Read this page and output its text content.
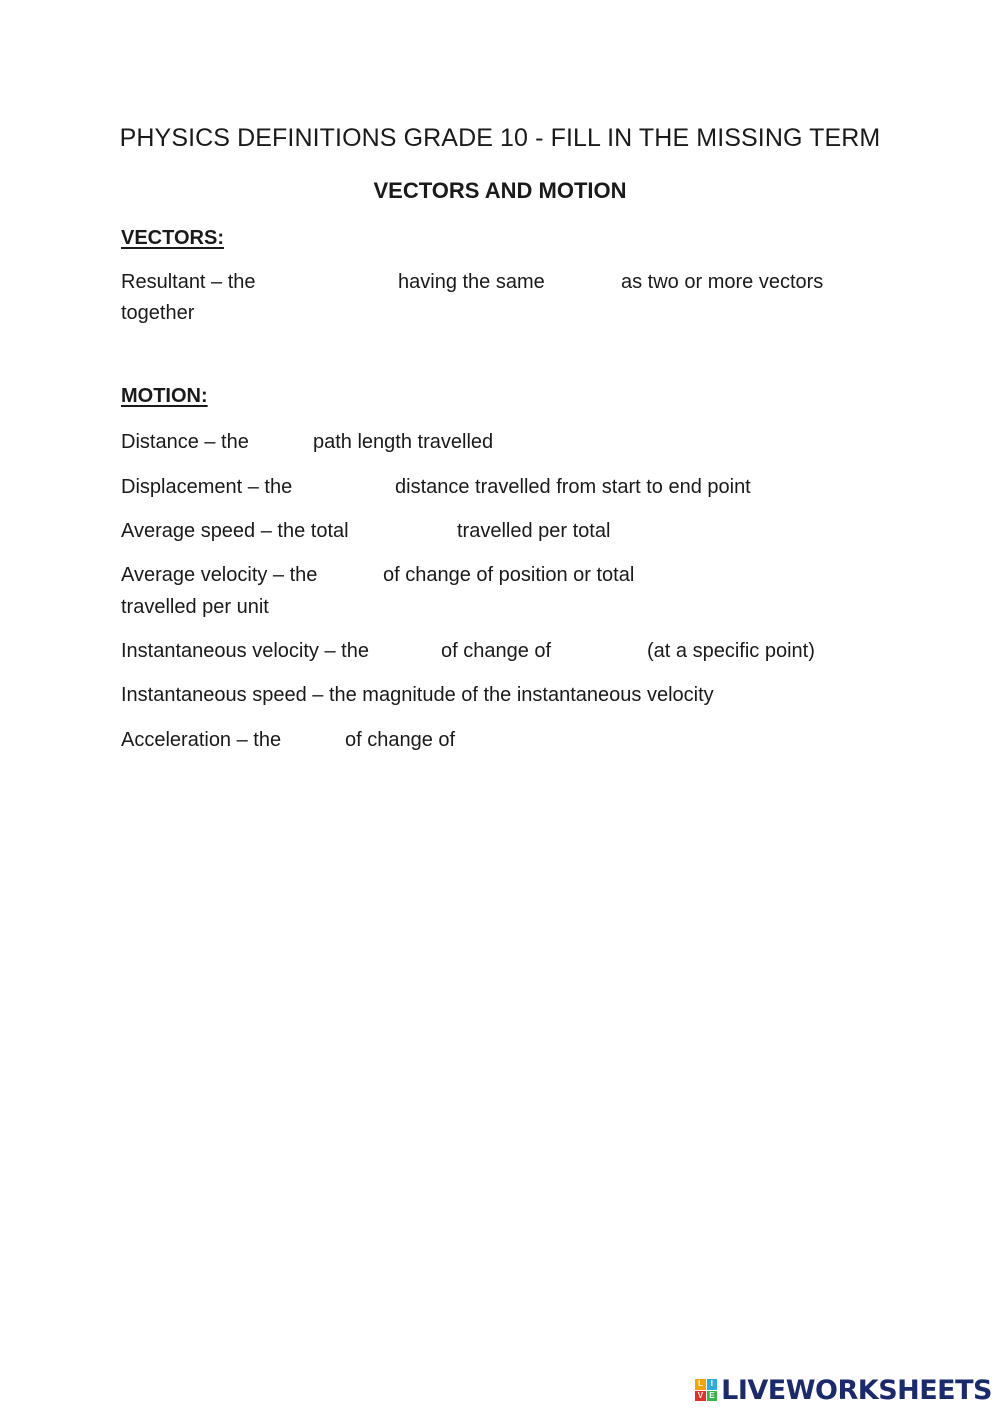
PHYSICS DEFINITIONS GRADE 10 - FILL IN THE MISSING TERM
VECTORS AND MOTION
VECTORS:
Resultant – the	having the same	as two or more vectors
together
MOTION:
Distance – the	path length travelled
Displacement – the	distance travelled from start to end point
Average speed – the total	travelled per total
Average velocity – the	of change of position or total
travelled per unit
Instantaneous velocity – the	of change of	(at a specific point)
Instantaneous speed – the magnitude of the instantaneous velocity
Acceleration – the	of change of
L I
V E LIVEWORKSHEETS
